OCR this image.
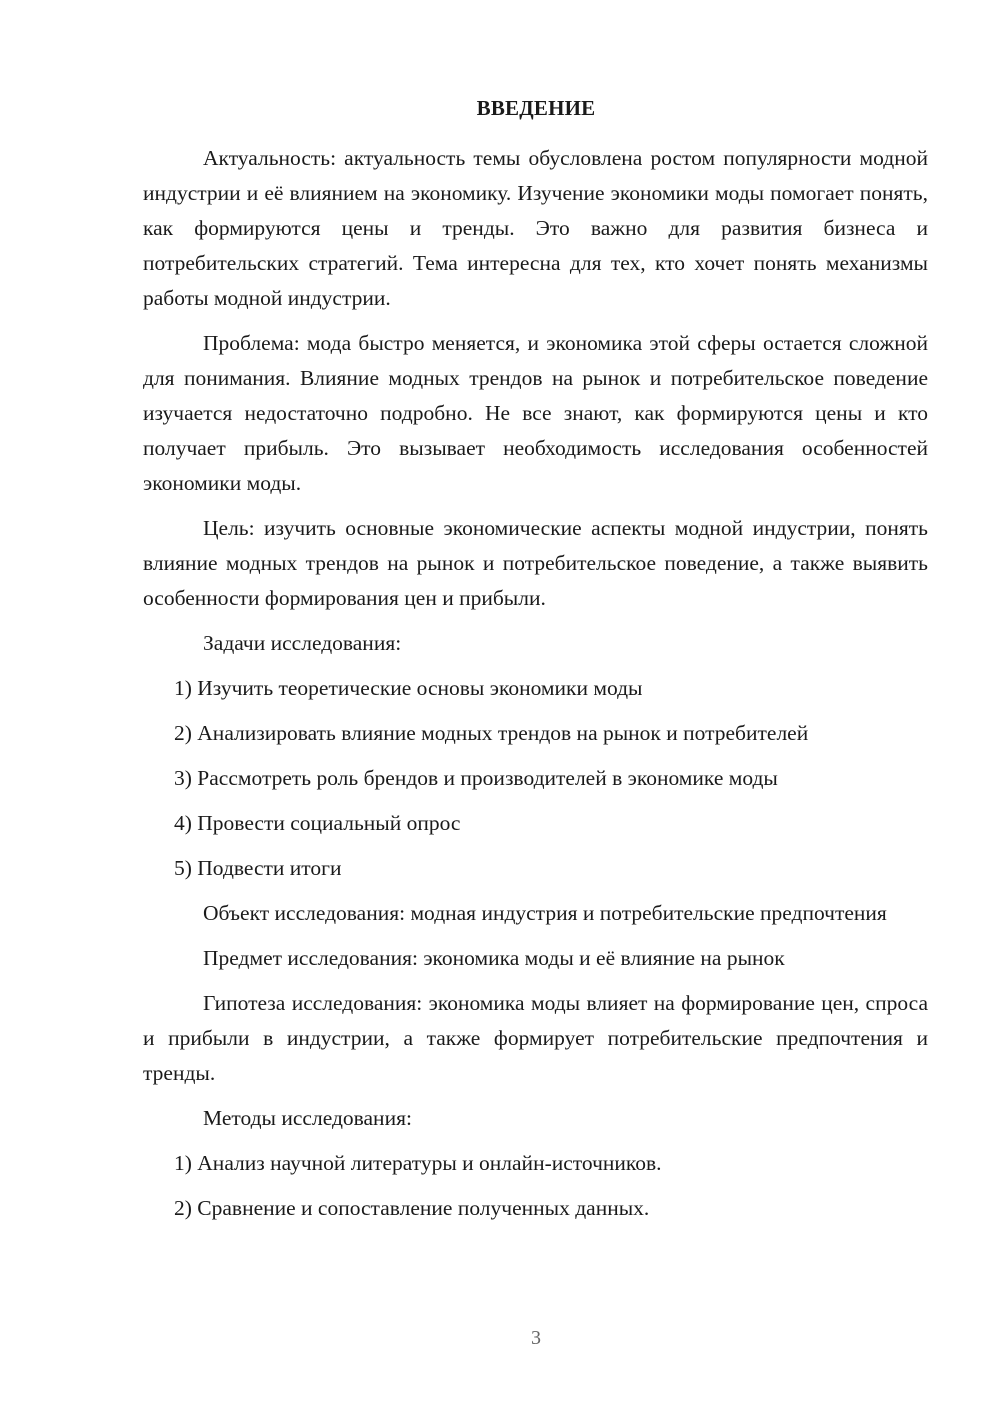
ВВЕДЕНИЕ

Актуальность: актуальность темы обусловлена ростом популярности модной индустрии и её влиянием на экономику. Изучение экономики моды помогает понять, как формируются цены и тренды. Это важно для развития бизнеса и потребительских стратегий. Тема интересна для тех, кто хочет понять механизмы работы модной индустрии.

Проблема: мода быстро меняется, и экономика этой сферы остается сложной для понимания. Влияние модных трендов на рынок и потребительское поведение изучается недостаточно подробно. Не все знают, как формируются цены и кто получает прибыль. Это вызывает необходимость исследования особенностей экономики моды.

Цель: изучить основные экономические аспекты модной индустрии, понять влияние модных трендов на рынок и потребительское поведение, а также выявить особенности формирования цен и прибыли.

Задачи исследования:

1) Изучить теоретические основы экономики моды
2) Анализировать влияние модных трендов на рынок и потребителей
3) Рассмотреть роль брендов и производителей в экономике моды
4) Провести социальный опрос
5) Подвести итоги

Объект исследования: модная индустрия и потребительские предпочтения

Предмет исследования: экономика моды и её влияние на рынок

Гипотеза исследования: экономика моды влияет на формирование цен, спроса и прибыли в индустрии, а также формирует потребительские предпочтения и тренды.

Методы исследования:

1) Анализ научной литературы и онлайн-источников.
2) Сравнение и сопоставление полученных данных.
3
